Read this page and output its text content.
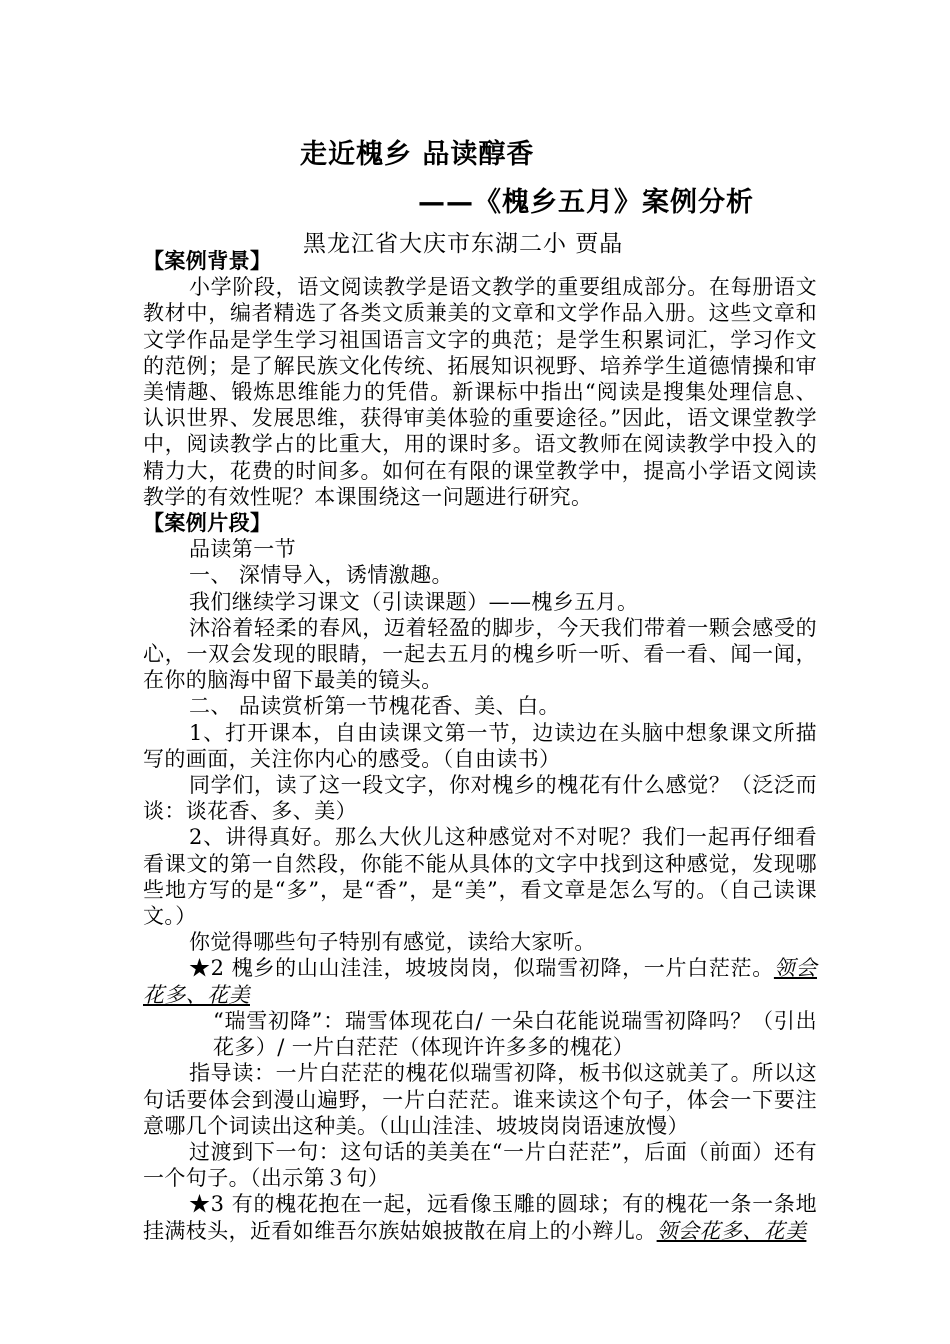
走近槐乡 品读醇香
——《槐乡五月》案例分析
黑龙江省大庆市东湖二小 贾晶

【案例背景】

小学阶段，语文阅读教学是语文教学的重要组成部分。在每册语文教材中，编者精选了各类文质兼美的文章和文学作品入册。这些文章和文学作品是学生学习祖国语言文字的典范；是学生积累词汇，学习作文的范例；是了解民族文化传统、拓展知识视野、培养学生道德情操和审美情趣、锻炼思维能力的凭借。新课标中指出“阅读是搜集处理信息、认识世界、发展思维，获得审美体验的重要途径。”因此，语文课堂教学中，阅读教学占的比重大，用的课时多。语文教师在阅读教学中投入的精力大，花费的时间多。如何在有限的课堂教学中，提高小学语文阅读教学的有效性呢？本课围绕这一问题进行研究。

【案例片段】

品读第一节

一、 深情导入，诱情激趣。

我们继续学习课文（引读课题）——槐乡五月。

沐浴着轻柔的春风，迈着轻盈的脚步，今天我们带着一颗会感受的心，一双会发现的眼睛，一起去五月的槐乡听一听、看一看、闻一闻，在你的脑海中留下最美的镜头。

二、 品读赏析第一节槐花香、美、白。

1、打开课本，自由读课文第一节，边读边在头脑中想象课文所描写的画面，关注你内心的感受。（自由读书）

同学们，读了这一段文字，你对槐乡的槐花有什么感觉？（泛泛而谈：谈花香、多、美）

2、讲得真好。那么大伙儿这种感觉对不对呢？我们一起再仔细看看课文的第一自然段，你能不能从具体的文字中找到这种感觉，发现哪些地方写的是“多”，是“香”，是“美”，看文章是怎么写的。（自己读课文。）

你觉得哪些句子特别有感觉，读给大家听。

★2 槐乡的山山洼洼，坡坡岗岗，似瑞雪初降，一片白茫茫。领会花多、花美

“瑞雪初降”：瑞雪体现花白/ 一朵白花能说瑞雪初降吗？（引出花多）/ 一片白茫茫（体现许许多多的槐花）

指导读：一片白茫茫的槐花似瑞雪初降，板书似这就美了。所以这句话要体会到漫山遍野，一片白茫茫。谁来读这个句子，体会一下要注意哪几个词读出这种美。（山山洼洼、坡坡岗岗语速放慢）

过渡到下一句：这句话的美美在“一片白茫茫”，后面（前面）还有一个句子。（出示第３句）

★3 有的槐花抱在一起，远看像玉雕的圆球；有的槐花一条一条地挂满枝头，近看如维吾尔族姑娘披散在肩上的小辫儿。领会花多、花美
